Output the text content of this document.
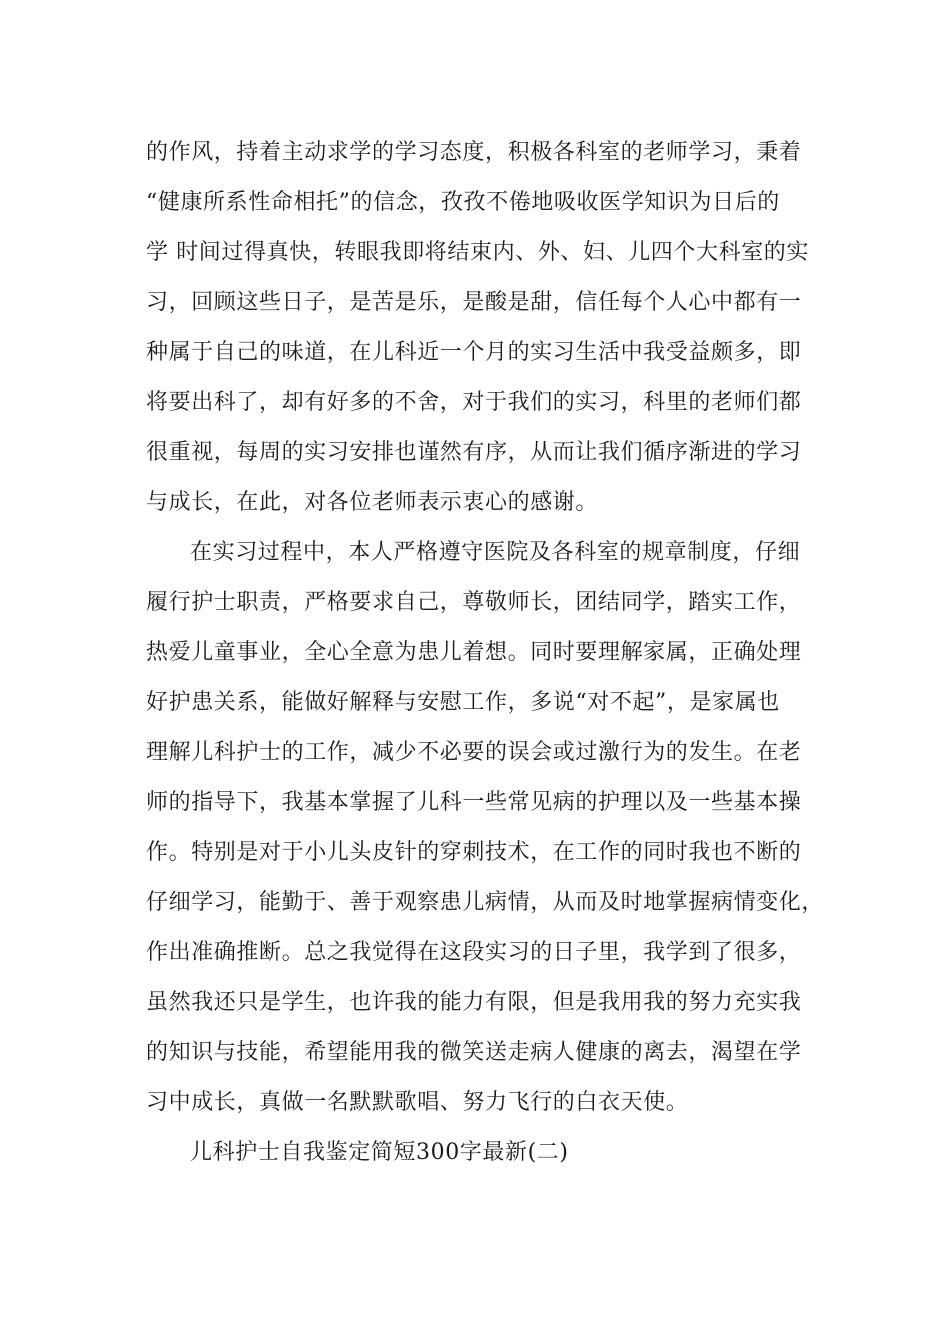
的作风，持着主动求学的学习态度，积极各科室的老师学习，秉着
“健康所系性命相托”的信念，孜孜不倦地吸收医学知识为日后的
学 时间过得真快，转眼我即将结束内、外、妇、儿四个大科室的实
习，回顾这些日子，是苦是乐，是酸是甜，信任每个人心中都有一
种属于自己的味道，在儿科近一个月的实习生活中我受益颇多，即
将要出科了，却有好多的不舍，对于我们的实习，科里的老师们都
很重视，每周的实习安排也谨然有序，从而让我们循序渐进的学习
与成长，在此，对各位老师表示衷心的感谢。
在实习过程中，本人严格遵守医院及各科室的规章制度，仔细
履行护士职责，严格要求自己，尊敬师长，团结同学，踏实工作，
热爱儿童事业，全心全意为患儿着想。同时要理解家属，正确处理
好护患关系，能做好解释与安慰工作，多说“对不起”，是家属也
理解儿科护士的工作，减少不必要的误会或过激行为的发生。在老
师的指导下，我基本掌握了儿科一些常见病的护理以及一些基本操
作。特别是对于小儿头皮针的穿刺技术，在工作的同时我也不断的
仔细学习，能勤于、善于观察患儿病情，从而及时地掌握病情变化，
作出准确推断。总之我觉得在这段实习的日子里，我学到了很多，
虽然我还只是学生，也许我的能力有限，但是我用我的努力充实我
的知识与技能，希望能用我的微笑送走病人健康的离去，渴望在学
习中成长，真做一名默默歌唱、努力飞行的白衣天使。
儿科护士自我鉴定简短300字最新(二)
